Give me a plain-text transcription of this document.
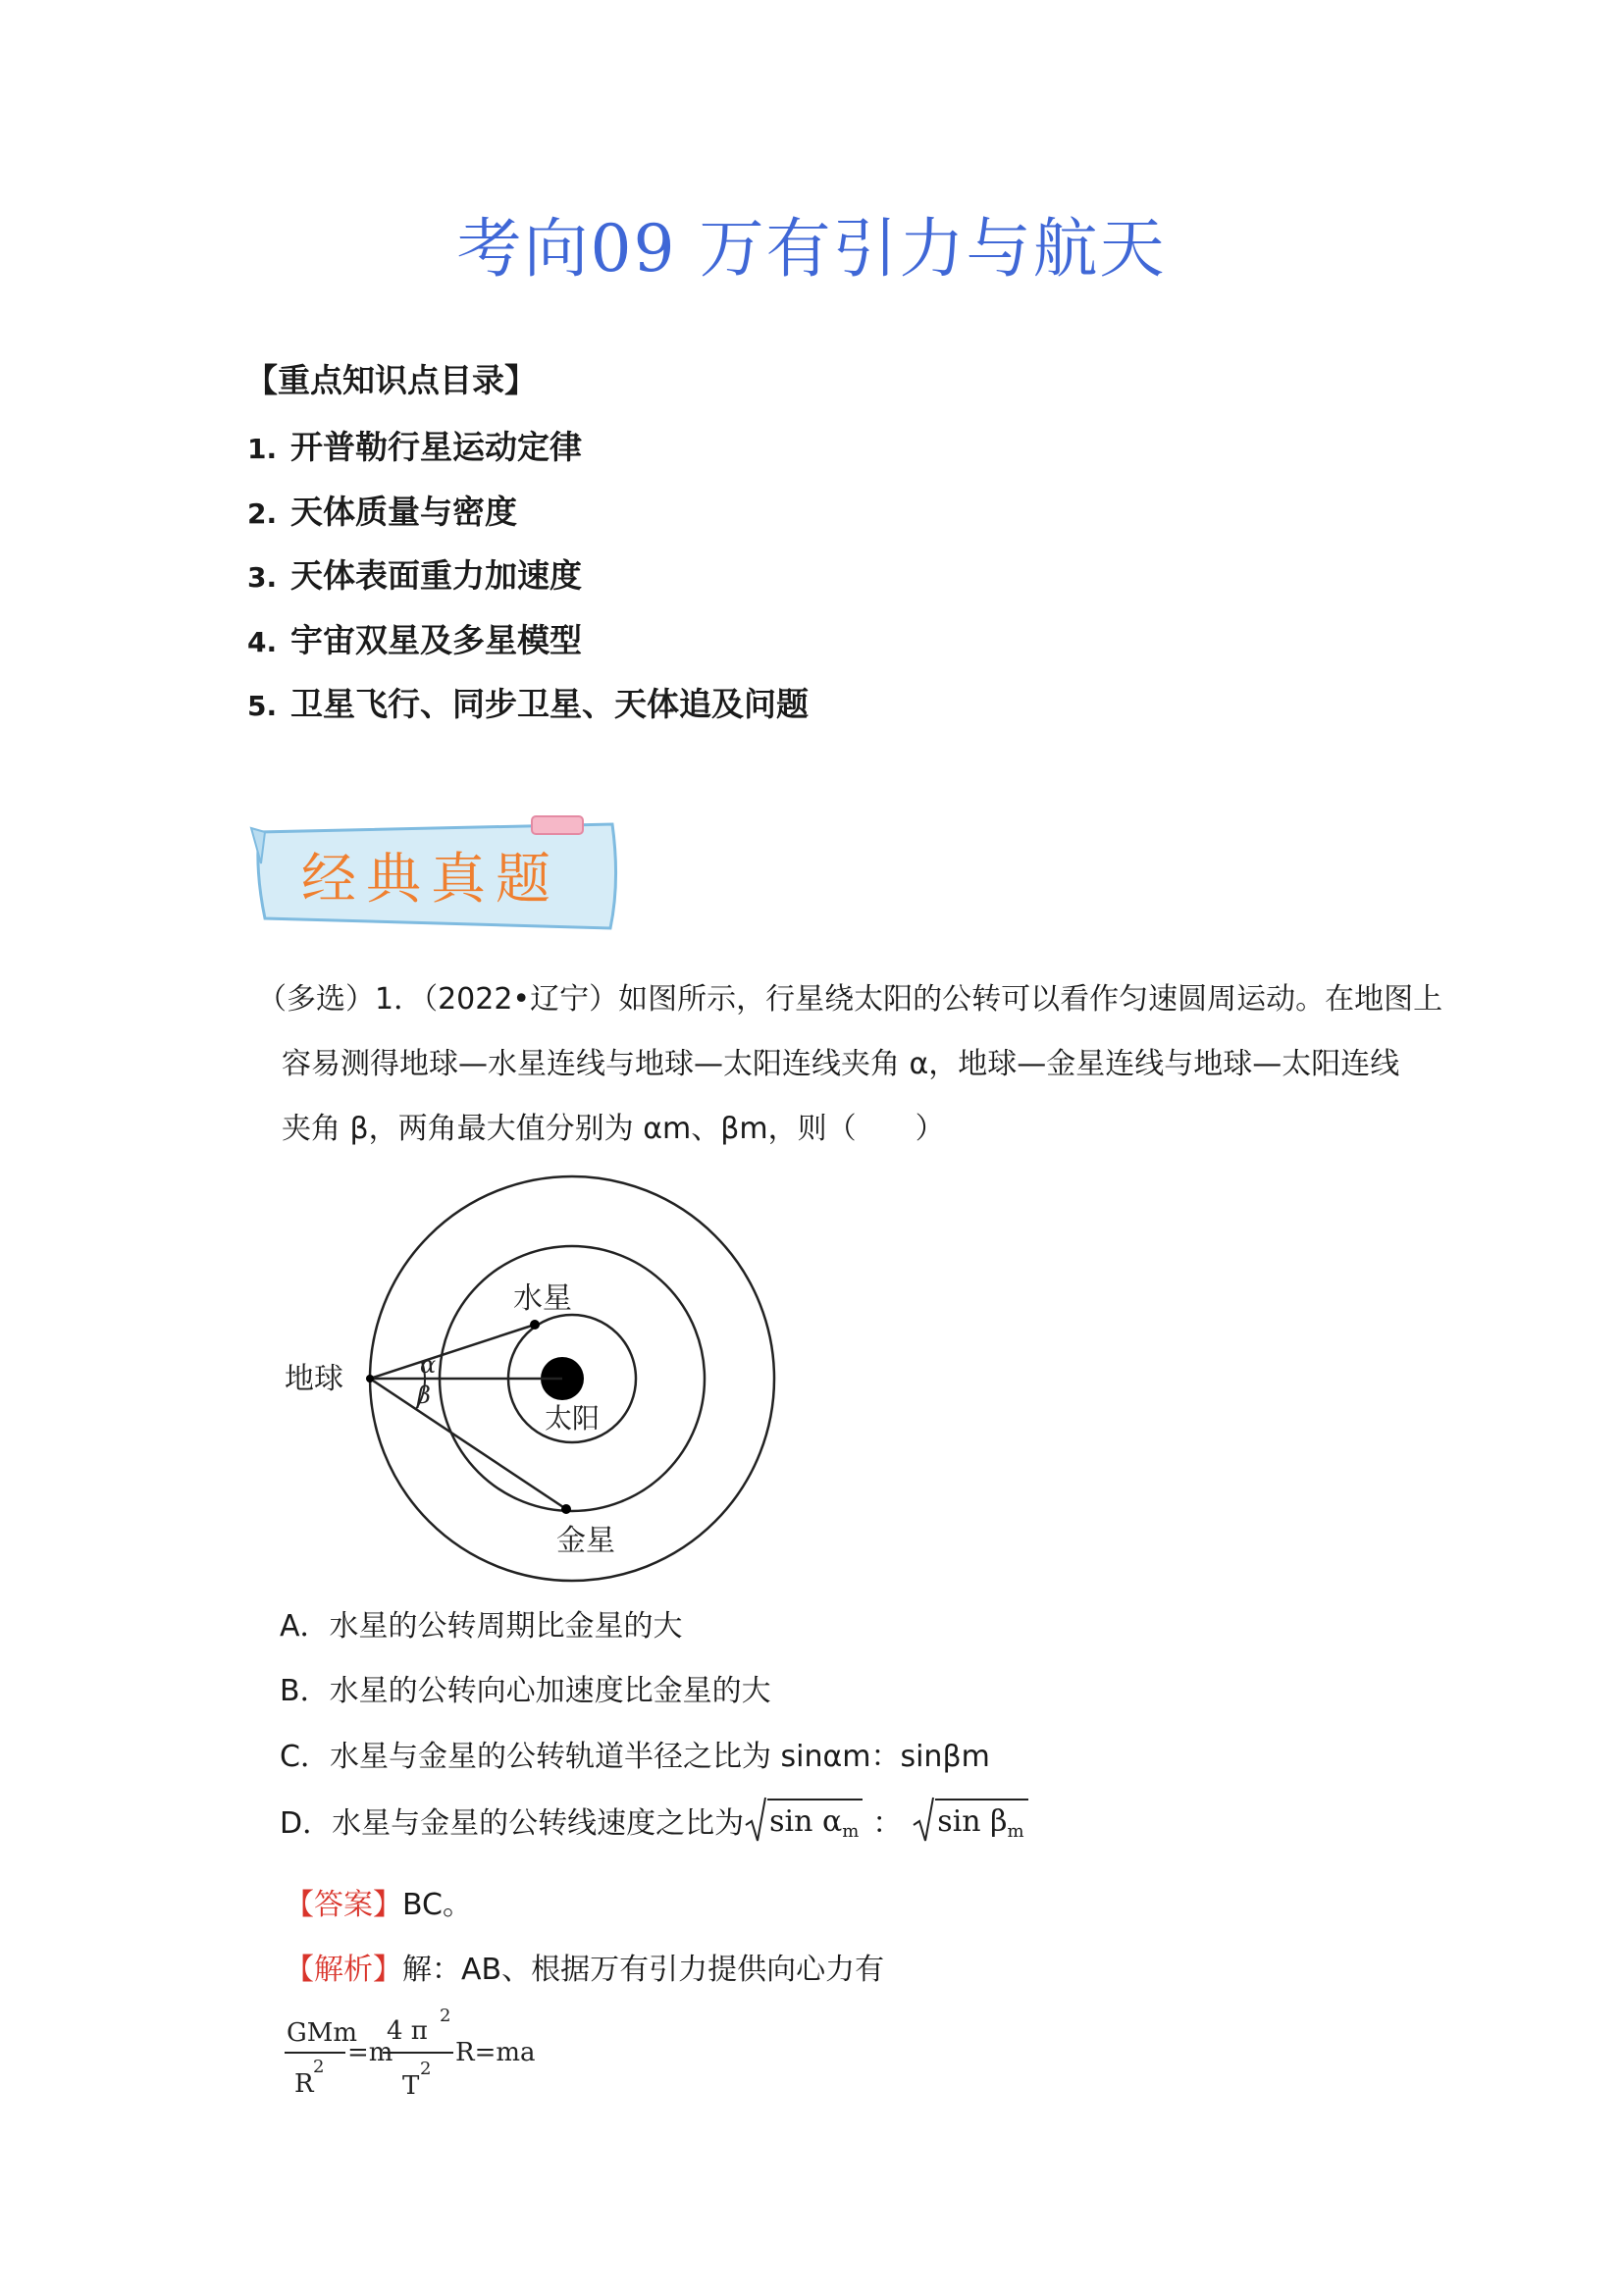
考向09 万有引力与航天
【重点知识点目录】
1. 开普勒行星运动定律
2. 天体质量与密度
3. 天体表面重力加速度
4. 宇宙双星及多星模型
5. 卫星飞行、同步卫星、天体追及问题
经典真题
（多选）1．（2022•辽宁）如图所示，行星绕太阳的公转可以看作匀速圆周运动。在地图上
容易测得地球—水星连线与地球—太阳连线夹角 α，地球—金星连线与地球—太阳连线
夹角 β，两角最大值分别为 αm、βm，则（　　）
地球
水星
太阳
金星
α
β
A．水星的公转周期比金星的大
B．水星的公转向心加速度比金星的大
C．水星与金星的公转轨道半径之比为 sinαm：sinβm
D．水星与金星的公转线速度之比为 $\sin \alpha_m$ ： $\sin \beta_m$
【答案】BC。
【解析】解：AB、根据万有引力提供向心力有
GMm
R
2 =m
4 π
2
T
2
R=ma
